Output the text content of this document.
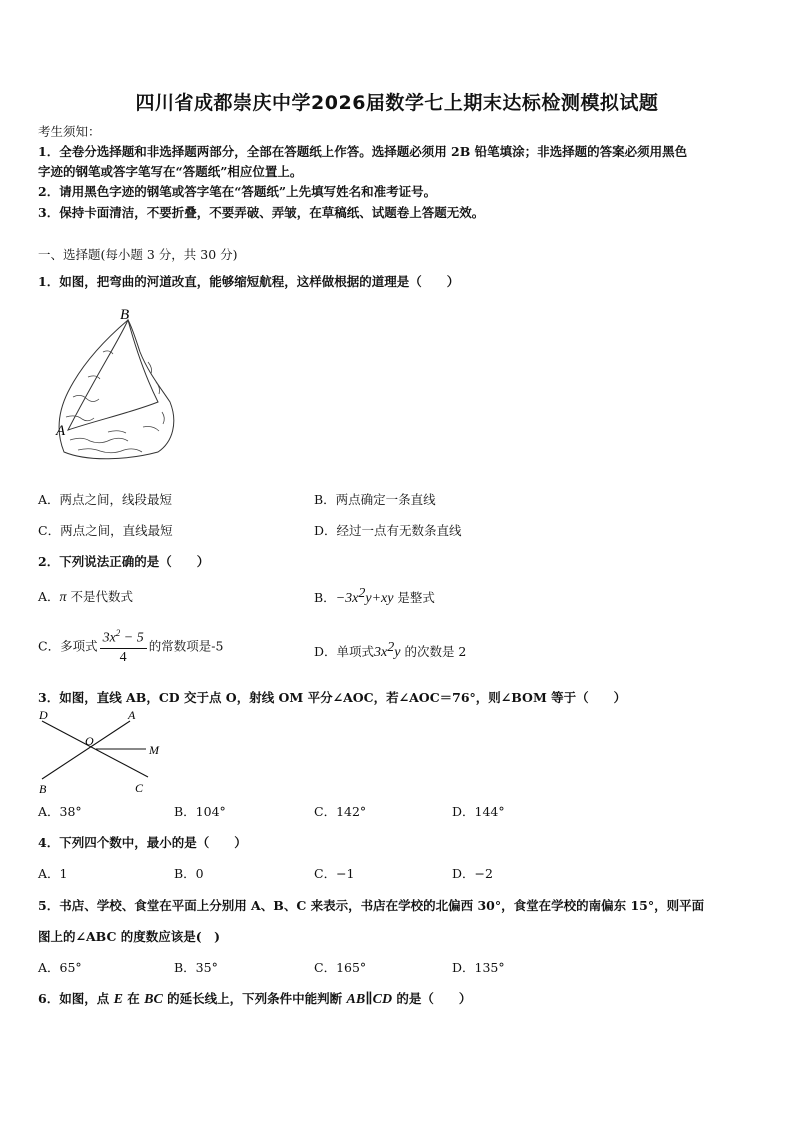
四川省成都崇庆中学2026届数学七上期末达标检测模拟试题
考生须知：
1．全卷分选择题和非选择题两部分，全部在答题纸上作答。选择题必须用 2B 铅笔填涂；非选择题的答案必须用黑色
字迹的钢笔或答字笔写在“答题纸”相应位置上。
2．请用黑色字迹的钢笔或答字笔在“答题纸”上先填写姓名和准考证号。
3．保持卡面清洁，不要折叠，不要弄破、弄皱，在草稿纸、试题卷上答题无效。
一、选择题(每小题 3 分，共 30 分)
1．如图，把弯曲的河道改直，能够缩短航程，这样做根据的道理是（　　）
B
A
A．两点之间，线段最短	B．两点确定一条直线
C．两点之间，直线最短	D．经过一点有无数条直线
2．下列说法正确的是（　　）
A．π 不是代数式	B．$-3x^2y+xy$ 是整式
C．多项式 $\frac{3x^2 - 5}{4}$ 的常数项是-5	D．单项式$3x^2y$ 的次数是 2
3．如图，直线 AB，CD 交于点 O，射线 OM 平分∠AOC，若∠AOC＝76°，则∠BOM 等于（　　）
D	A
O
M
B	C
A．38°	B．104°	C．142°	D．144°
4．下列四个数中，最小的是（　　）
A．1	B．0	C．−1	D．−2
5．书店、学校、食堂在平面上分别用 A、B、C 来表示，书店在学校的北偏西 30°，食堂在学校的南偏东 15°，则平面
图上的∠ABC 的度数应该是(　)
A．65°	B．35°	C．165°	D．135°
6．如图，点 E 在 BC 的延长线上，下列条件中能判断 AB∥CD 的是（　　）
